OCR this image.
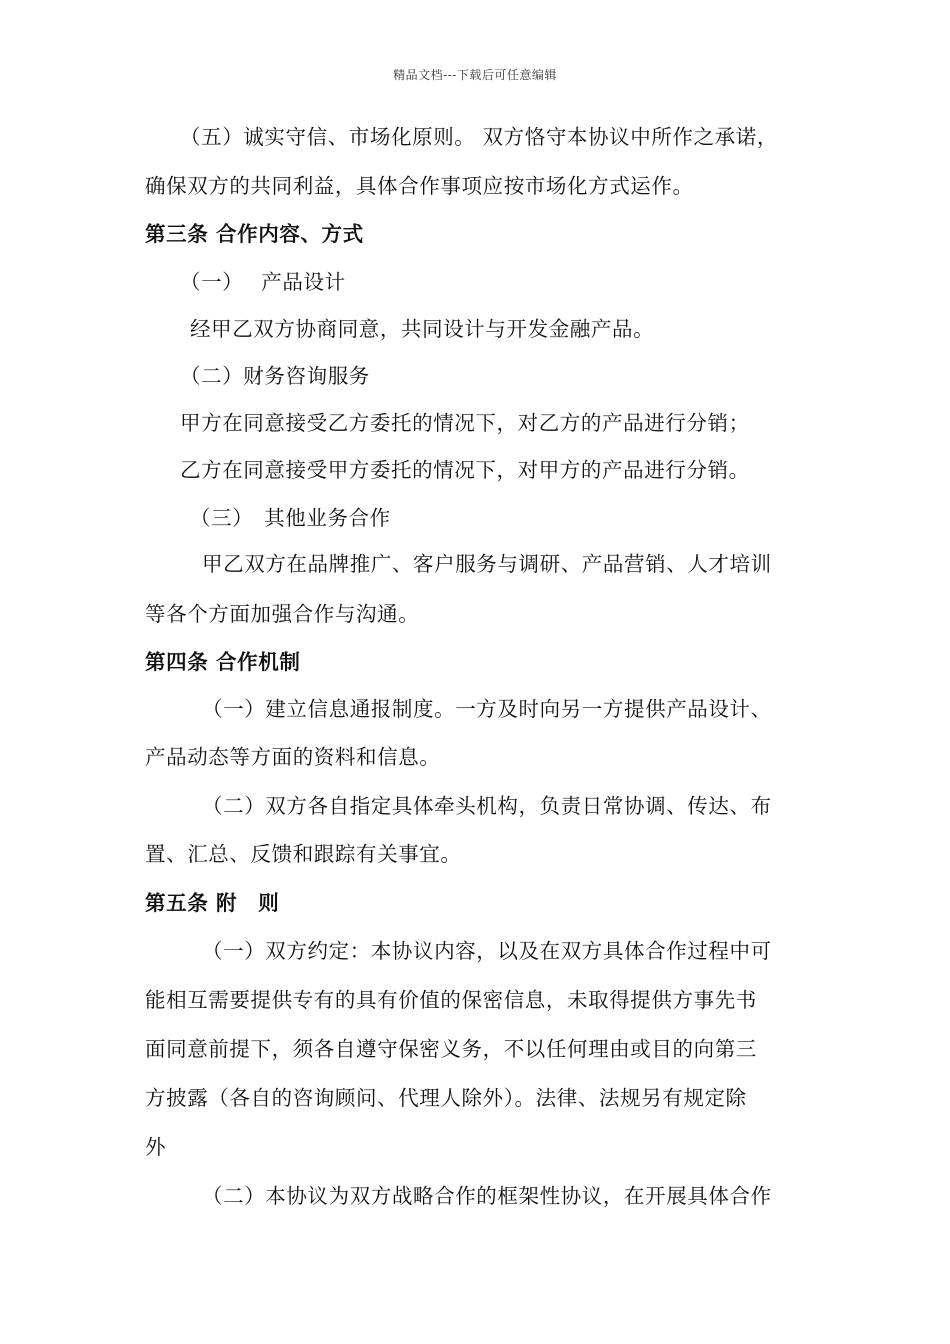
精品文档---下载后可任意编辑
（五）诚实守信、市场化原则。 双方恪守本协议中所作之承诺，
确保双方的共同利益，具体合作事项应按市场化方式运作。
第三条 合作内容、方式
（一）　 产品设计
经甲乙双方协商同意，共同设计与开发金融产品。
（二）财务咨询服务
甲方在同意接受乙方委托的情况下，对乙方的产品进行分销；
乙方在同意接受甲方委托的情况下，对甲方的产品进行分销。
（三）　其他业务合作
甲乙双方在品牌推广、客户服务与调研、产品营销、人才培训
等各个方面加强合作与沟通。
第四条 合作机制
（一）建立信息通报制度。一方及时向另一方提供产品设计、
产品动态等方面的资料和信息。
（二）双方各自指定具体牵头机构，负责日常协调、传达、布
置、汇总、反馈和跟踪有关事宜。
第五条 附　则
（一）双方约定：本协议内容，以及在双方具体合作过程中可
能相互需要提供专有的具有价值的保密信息，未取得提供方事先书
面同意前提下，须各自遵守保密义务，不以任何理由或目的向第三
方披露（各自的咨询顾问、代理人除外）。法律、法规另有规定除
外
（二）本协议为双方战略合作的框架性协议，在开展具体合作
